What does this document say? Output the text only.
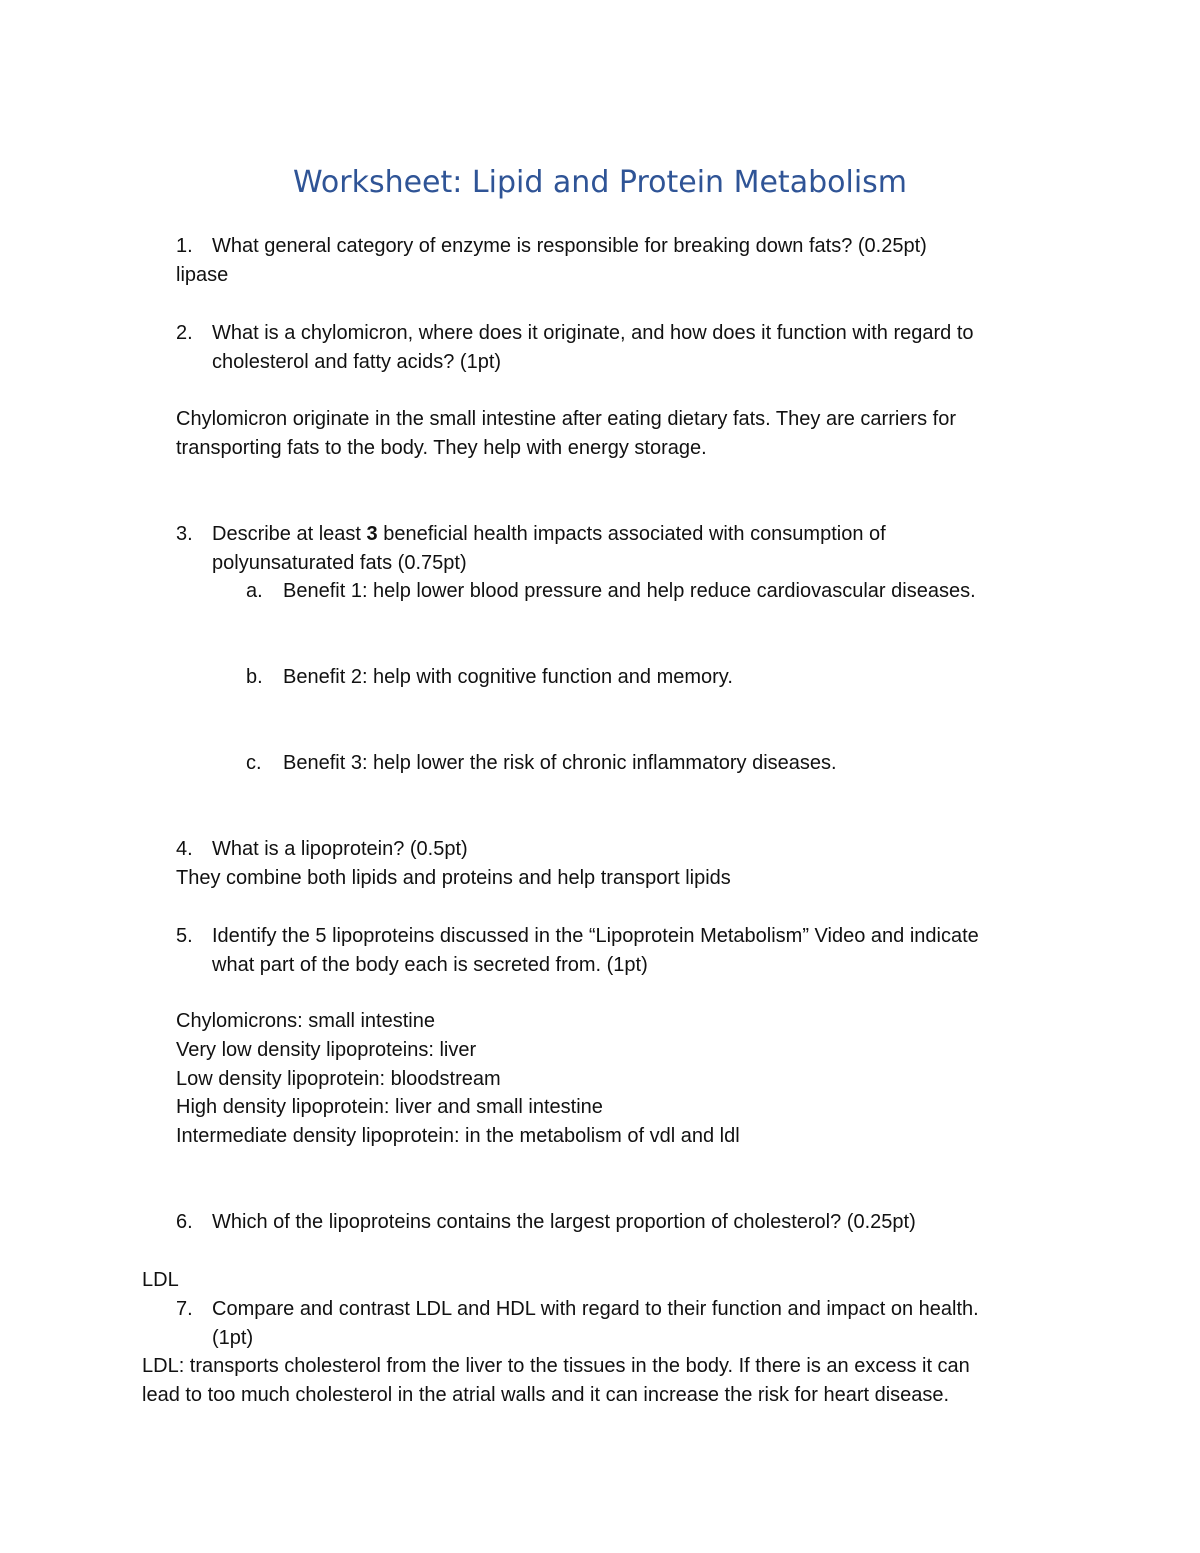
Worksheet: Lipid and Protein Metabolism
1. What general category of enzyme is responsible for breaking down fats? (0.25pt)
lipase
2. What is a chylomicron, where does it originate, and how does it function with regard to
cholesterol and fatty acids? (1pt)
Chylomicron originate in the small intestine after eating dietary fats. They are carriers for
transporting fats to the body. They help with energy storage.
3. Describe at least 3 beneficial health impacts associated with consumption of
polyunsaturated fats (0.75pt)
a. Benefit 1: help lower blood pressure and help reduce cardiovascular diseases.
b. Benefit 2: help with cognitive function and memory.
c. Benefit 3: help lower the risk of chronic inflammatory diseases.
4. What is a lipoprotein? (0.5pt)
They combine both lipids and proteins and help transport lipids
5. Identify the 5 lipoproteins discussed in the “Lipoprotein Metabolism” Video and indicate
what part of the body each is secreted from. (1pt)
Chylomicrons: small intestine
Very low density lipoproteins: liver
Low density lipoprotein: bloodstream
High density lipoprotein: liver and small intestine
Intermediate density lipoprotein: in the metabolism of vdl and ldl
6. Which of the lipoproteins contains the largest proportion of cholesterol? (0.25pt)
LDL
7. Compare and contrast LDL and HDL with regard to their function and impact on health.
(1pt)
LDL: transports cholesterol from the liver to the tissues in the body. If there is an excess it can
lead to too much cholesterol in the atrial walls and it can increase the risk for heart disease.
